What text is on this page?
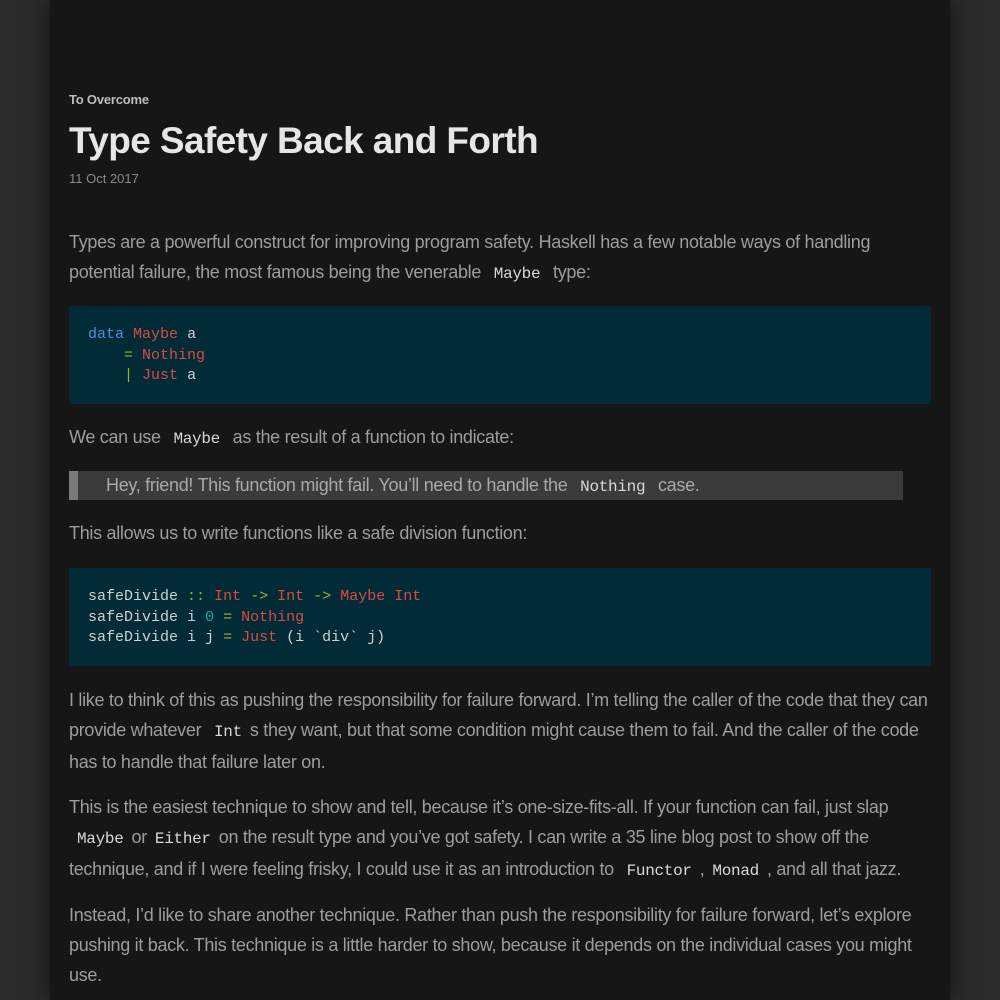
To Overcome
Type Safety Back and Forth
11 Oct 2017

Types are a powerful construct for improving program safety. Haskell has a few notable ways of handling potential failure, the most famous being the venerable Maybe type:

data Maybe a
= Nothing
| Just a

We can use Maybe as the result of a function to indicate:

Hey, friend! This function might fail. You’ll need to handle the Nothing case.

This allows us to write functions like a safe division function:

safeDivide :: Int -> Int -> Maybe Int
safeDivide i 0 = Nothing
safeDivide i j = Just (i `div` j)

I like to think of this as pushing the responsibility for failure forward. I’m telling the caller of the code that they can provide whatever Int s they want, but that some condition might cause them to fail. And the caller of the code has to handle that failure later on.

This is the easiest technique to show and tell, because it’s one-size-fits-all. If your function can fail, just slap Maybe or Either on the result type and you’ve got safety. I can write a 35 line blog post to show off the technique, and if I were feeling frisky, I could use it as an introduction to Functor , Monad , and all that jazz.

Instead, I’d like to share another technique. Rather than push the responsibility for failure forward, let’s explore pushing it back. This technique is a little harder to show, because it depends on the individual cases you might use.
